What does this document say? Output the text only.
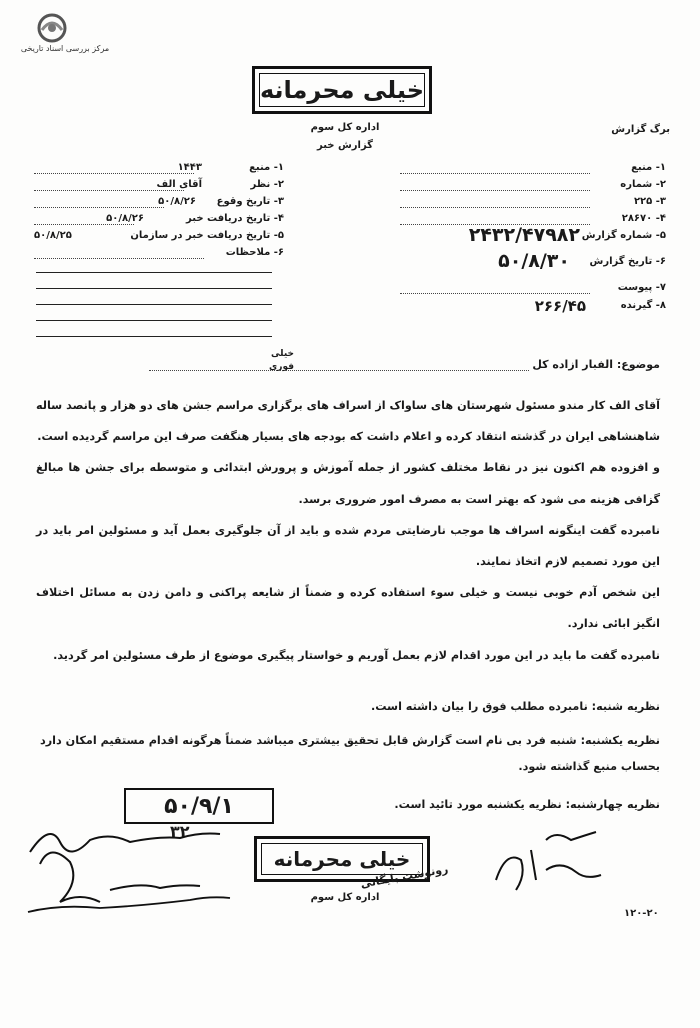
مرکز بررسی اسناد تاریخی
خیلی محرمانه
اداره کل سوم
گزارش خبر
برگ گزارش
۱- منبع
۲- شماره
۳- ۲۲۵
۴- ۲۸۶۷۰
۵- شماره گزارش
۲۴۳۲/۴۷۹۸۲
۶- تاریخ گزارش
۵۰/۸/۳۰
۷- پیوست
۸- گیرنده
۲۶۶/۴۵
۱- منبع
۱۴۴۳
۲- نظر
آقای الف
۳- تاریخ وقوع
۵۰/۸/۲۶
۴- تاریخ دریافت خبر
۵۰/۸/۲۶
۵- تاریخ دریافت خبر در سازمان
۵۰/۸/۲۵
۶- ملاحظات
خیلی
فوری	موضوع: الفبار ازاده کل

آقای الف کار مندو مسئول شهرستان های ساواک از اسراف های برگزاری مراسم جشن های دو هزار و پانصد ساله شاهنشاهی ایران در گذشته انتقاد کرده و اعلام داشت که بودجه های بسیار هنگفت صرف این مراسم گردیده است.

و افزوده هم اکنون نیز در نقاط مختلف کشور از جمله آموزش و پرورش ابتدائی و متوسطه برای جشن ها مبالغ گزافی هزینه می شود که بهتر است به مصرف امور ضروری برسد.

نامبرده گفت اینگونه اسراف ها موجب نارضایتی مردم شده و باید از آن جلوگیری بعمل آید و مسئولین امر باید در این مورد تصمیم لازم اتخاذ نمایند.

این شخص آدم خوبی نیست و خیلی سوء استفاده کرده و ضمناً از شایعه پراکنی و دامن زدن به مسائل اختلاف انگیز ابائی ندارد.

نامبرده گفت ما باید در این مورد اقدام لازم بعمل آوریم و خواستار پیگیری موضوع از طرف مسئولین امر گردید.

نظریه شنبه: نامبرده مطلب فوق را بیان داشته است.

نظریه یکشنبه: شنبه فرد بی نام است گزارش قابل تحقیق بیشتری میباشد ضمناً هرگونه اقدام مستقیم امکان دارد بحساب منبع گذاشته شود.

نظریه چهارشنبه: نظریه یکشنبه مورد تائید است.

۵۰/۹/۱
۳۲
خیلی محرمانه
اداره کل سوم
رونوشت بایگانی
۱۲۰-۲۰
